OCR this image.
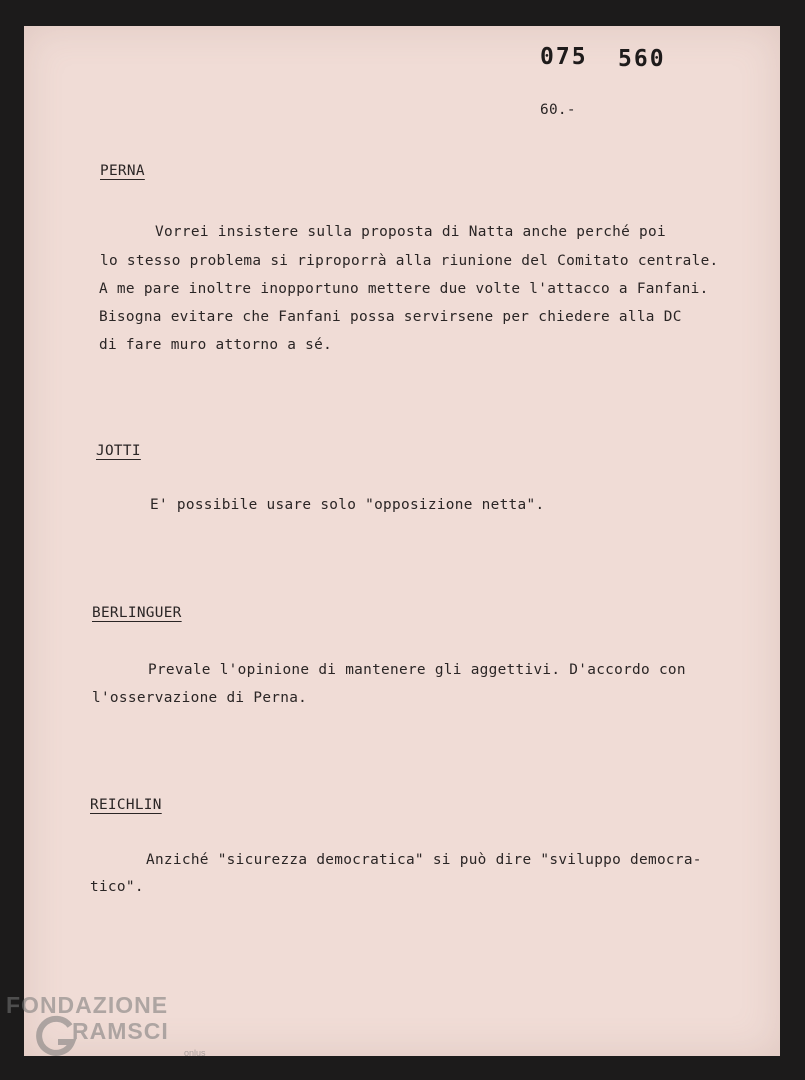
075 560

60.-

PERNA

Vorrei insistere sulla proposta di Natta anche perché poi

lo stesso problema si riproporrà alla riunione del Comitato centrale.

A me pare inoltre inopportuno mettere due volte l'attacco a Fanfani.

Bisogna evitare che Fanfani possa servirsene per chiedere alla DC

di fare muro attorno a sé.

JOTTI

E' possibile usare solo "opposizione netta".

BERLINGUER

Prevale l'opinione di mantenere gli aggettivi. D'accordo con

l'osservazione di Perna.

REICHLIN

Anziché "sicurezza democratica" si può dire "sviluppo democra-

tico".

FONDAZIONE
RAMSCI
onlus
